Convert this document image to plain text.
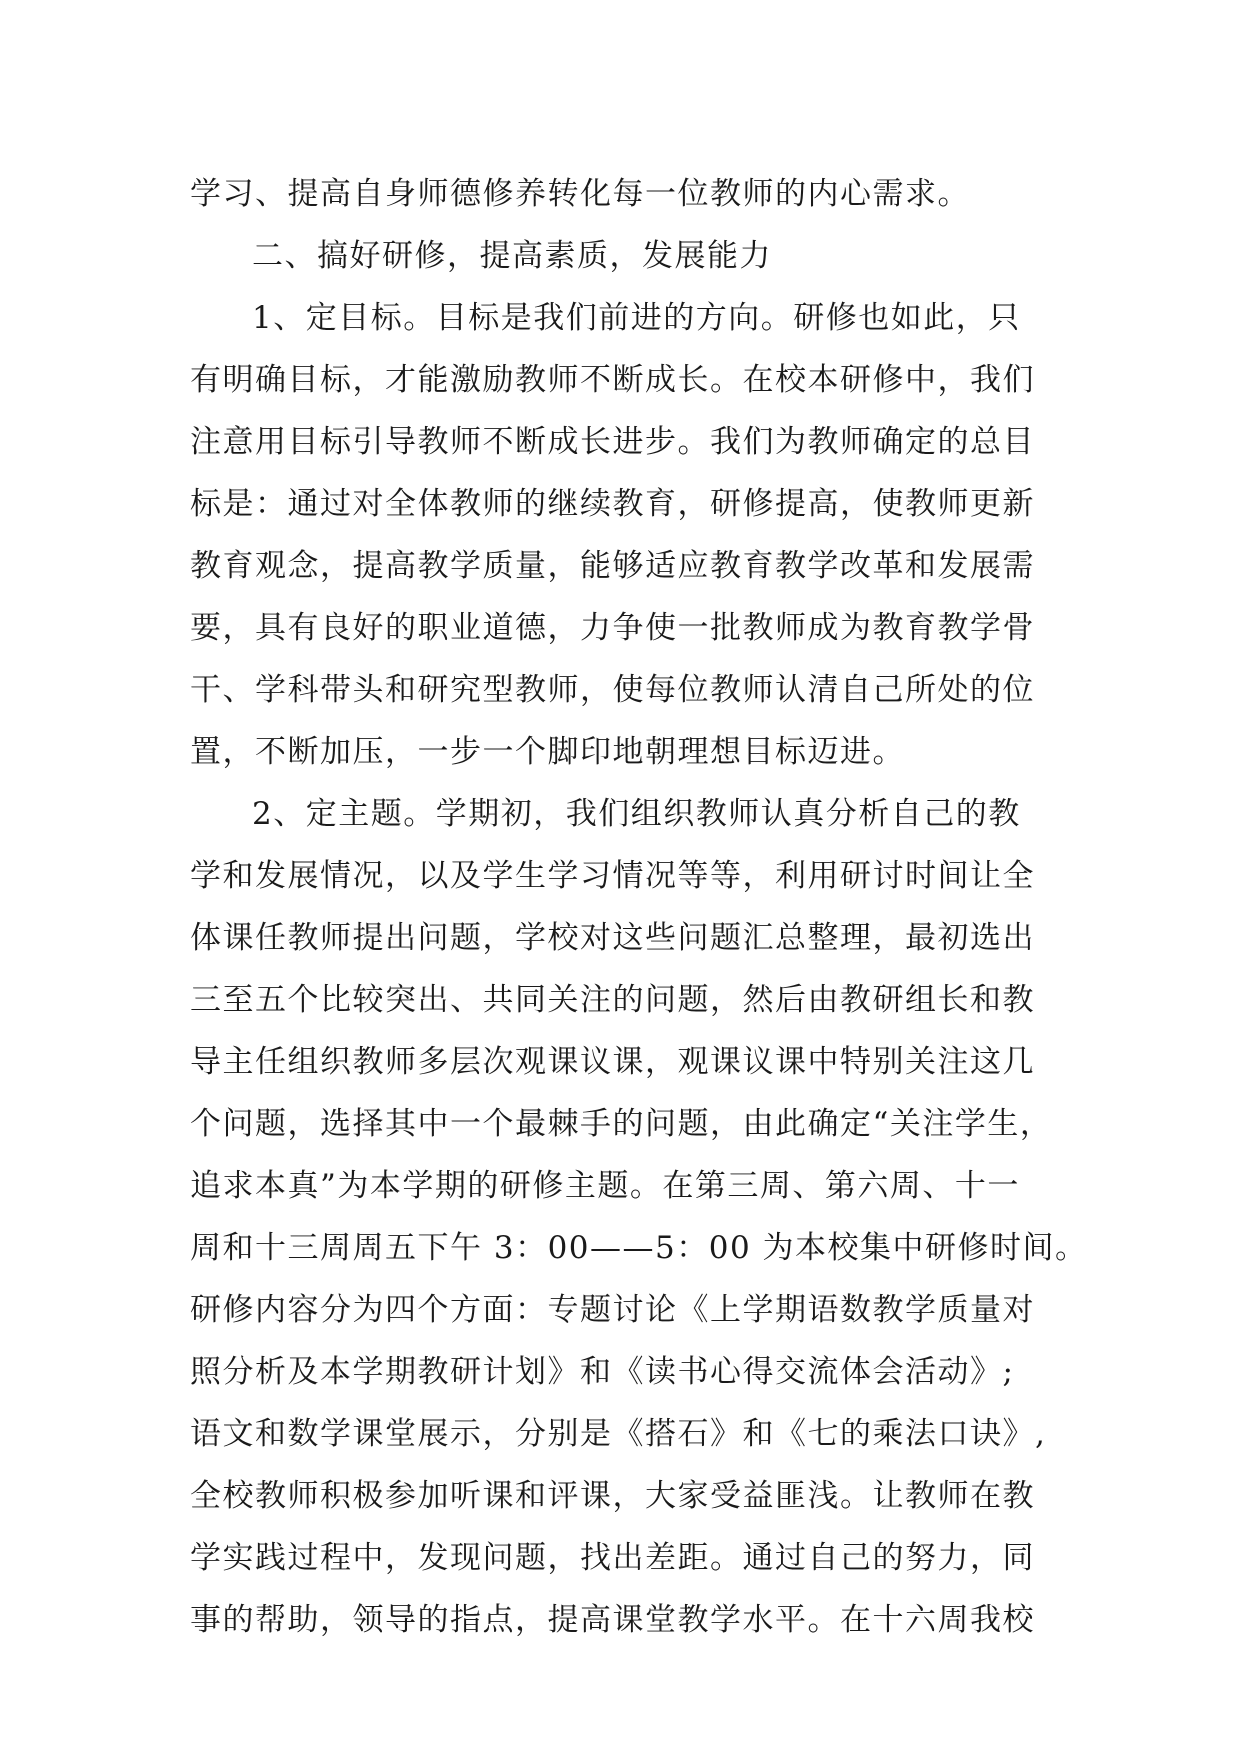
学习、提高自身师德修养转化每一位教师的内心需求。
二、搞好研修，提高素质，发展能力
1、定目标。目标是我们前进的方向。研修也如此，只
有明确目标，才能激励教师不断成长。在校本研修中，我们
注意用目标引导教师不断成长进步。我们为教师确定的总目
标是：通过对全体教师的继续教育，研修提高，使教师更新
教育观念，提高教学质量，能够适应教育教学改革和发展需
要，具有良好的职业道德，力争使一批教师成为教育教学骨
干、学科带头和研究型教师，使每位教师认清自己所处的位
置，不断加压，一步一个脚印地朝理想目标迈进。
2、定主题。学期初，我们组织教师认真分析自己的教
学和发展情况，以及学生学习情况等等，利用研讨时间让全
体课任教师提出问题，学校对这些问题汇总整理，最初选出
三至五个比较突出、共同关注的问题，然后由教研组长和教
导主任组织教师多层次观课议课，观课议课中特别关注这几
个问题，选择其中一个最棘手的问题，由此确定“关注学生，
追求本真”为本学期的研修主题。在第三周、第六周、十一
周和十三周周五下午 3：00——5：00 为本校集中研修时间。
研修内容分为四个方面：专题讨论《上学期语数教学质量对
照分析及本学期教研计划》和《读书心得交流体会活动》;
语文和数学课堂展示，分别是《搭石》和《七的乘法口诀》,
全校教师积极参加听课和评课，大家受益匪浅。让教师在教
学实践过程中，发现问题，找出差距。通过自己的努力，同
事的帮助，领导的指点，提高课堂教学水平。在十六周我校
